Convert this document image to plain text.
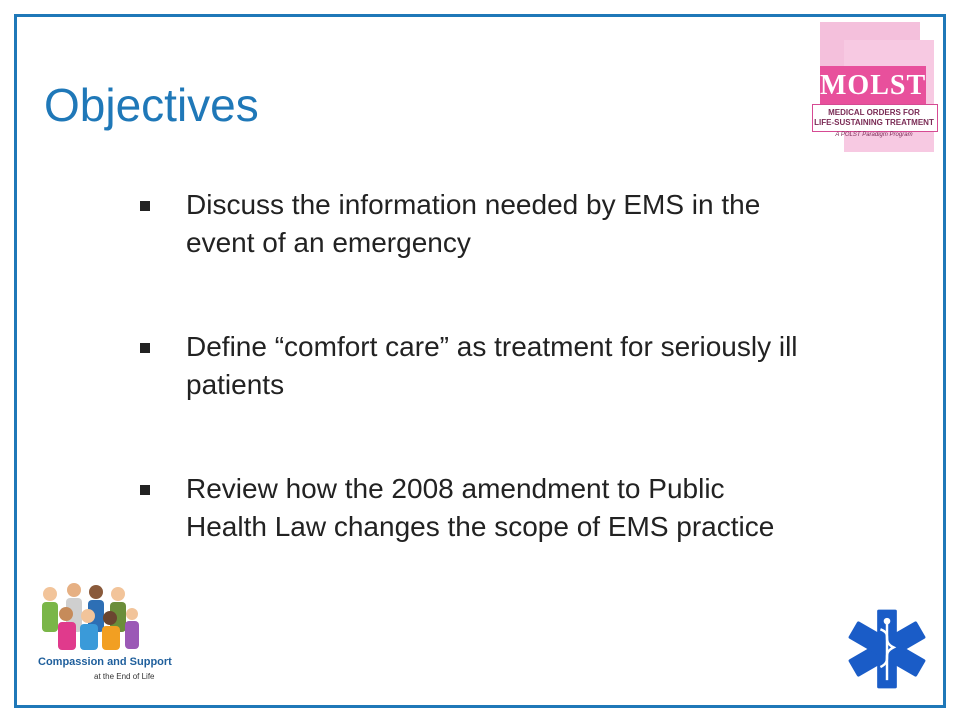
Objectives
Discuss the information needed by EMS in the event of an emergency
Define “comfort care” as treatment for seriously ill patients
Review how the 2008 amendment to Public Health Law changes the scope of EMS practice
MOLST
MEDICAL ORDERS FOR
LIFE-SUSTAINING TREATMENT
A POLST Paradigm Program
Compassion and Support
at the End of Life
